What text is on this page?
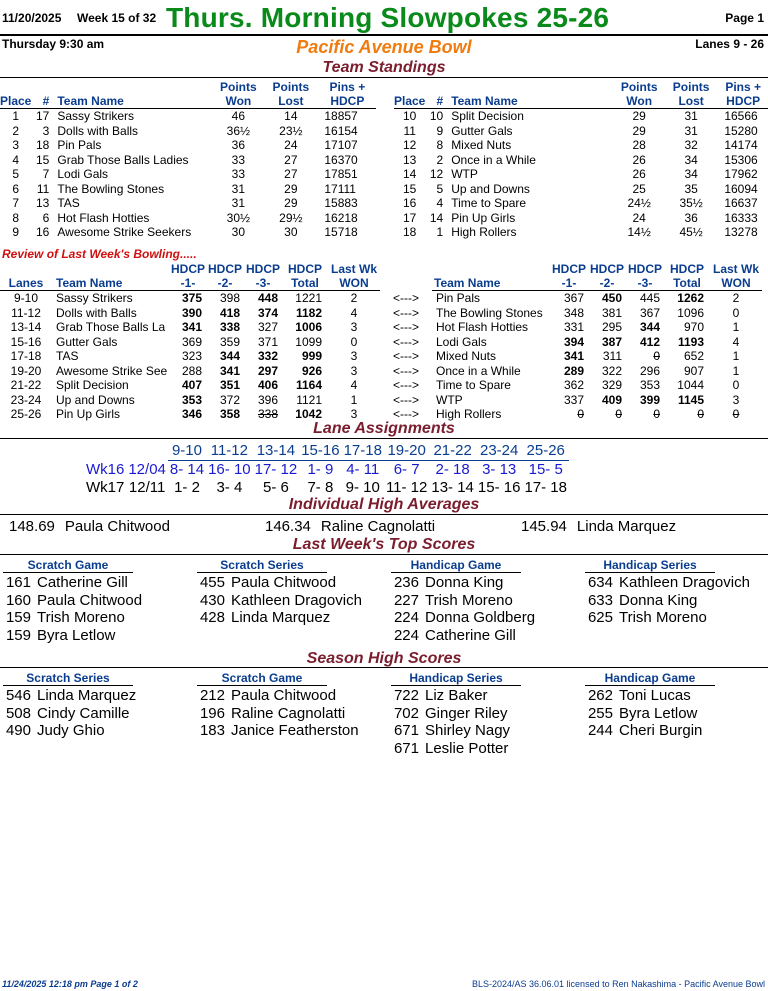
11/20/2025 Week 15 of 32 Thurs. Morning Slowpokes 25-26	Page 1
Thursday 9:30 am	Pacific Avenue Bowl	Lanes 9 - 26
Team Standings
			Points	Points	Pins +
Place	#	Team Name	Won	Lost	HDCP
1	17	Sassy Strikers	46	14	18857
2	3	Dolls with Balls	36½	23½	16154
3	18	Pin Pals	36	24	17107
4	15	Grab Those Balls Ladies	33	27	16370
5	7	Lodi Gals	33	27	17851
6	11	The Bowling Stones	31	29	17111
7	13	TAS	31	29	15883
8	6	Hot Flash Hotties	30½	29½	16218
9	16	Awesome Strike Seekers	30	30	15718
			Points	Points	Pins +
Place	#	Team Name	Won	Lost	HDCP
10	10	Split Decision	29	31	16566
11	9	Gutter Gals	29	31	15280
12	8	Mixed Nuts	28	32	14174
13	2	Once in a While	26	34	15306
14	12	WTP	26	34	17962
15	5	Up and Downs	25	35	16094
16	4	Time to Spare	24½	35½	16637
17	14	Pin Up Girls	24	36	16333
18	1	High Rollers	14½	45½	13278
Review of Last Week's Bowling.....
		HDCP	HDCP	HDCP	HDCP	Last Wk			HDCP	HDCP	HDCP	HDCP	Last Wk
Lanes	Team Name	-1-	-2-	-3-	Total	WON		Team Name	-1-	-2-	-3-	Total	WON
9-10	Sassy Strikers	375	398	448	1221	2	<--->	Pin Pals	367	450	445	1262	2
11-12	Dolls with Balls	390	418	374	1182	4	<--->	The Bowling Stones	348	381	367	1096	0
13-14	Grab Those Balls La	341	338	327	1006	3	<--->	Hot Flash Hotties	331	295	344	970	1
15-16	Gutter Gals	369	359	371	1099	0	<--->	Lodi Gals	394	387	412	1193	4
17-18	TAS	323	344	332	999	3	<--->	Mixed Nuts	341	311	0	652	1
19-20	Awesome Strike See	288	341	297	926	3	<--->	Once in a While	289	322	296	907	1
21-22	Split Decision	407	351	406	1164	4	<--->	Time to Spare	362	329	353	1044	0
23-24	Up and Downs	353	372	396	1121	1	<--->	WTP	337	409	399	1145	3
25-26	Pin Up Girls	346	358	338	1042	3	<--->	High Rollers	0	0	0	0	0
Lane Assignments
		9-10	11-12	13-14	15-16	17-18	19-20	21-22	23-24	25-26
Wk16	12/04	8- 14	16- 10	17- 12	1- 9	4- 11	6- 7	2- 18	3- 13	15- 5
Wk17	12/11	1- 2	3- 4	5- 6	7- 8	9- 10	11- 12	13- 14	15- 16	17- 18
Individual High Averages
148.69 Paula Chitwood	146.34 Raline Cagnolatti	145.94 Linda Marquez
Last Week's Top Scores
Scratch Game
161 Catherine Gill
160 Paula Chitwood
159 Trish Moreno
159 Byra Letlow
Scratch Series
455 Paula Chitwood
430 Kathleen Dragovich
428 Linda Marquez
Handicap Game
236 Donna King
227 Trish Moreno
224 Donna Goldberg
224 Catherine Gill
Handicap Series
634 Kathleen Dragovich
633 Donna King
625 Trish Moreno
Season High Scores
Scratch Series
546 Linda Marquez
508 Cindy Camille
490 Judy Ghio
Scratch Game
212 Paula Chitwood
196 Raline Cagnolatti
183 Janice Featherston
Handicap Series
722 Liz Baker
702 Ginger Riley
671 Shirley Nagy
671 Leslie Potter
Handicap Game
262 Toni Lucas
255 Byra Letlow
244 Cheri Burgin
11/24/2025 12:18 pm Page 1 of 2	BLS-2024/AS 36.06.01 licensed to Ren Nakashima - Pacific Avenue Bowl
